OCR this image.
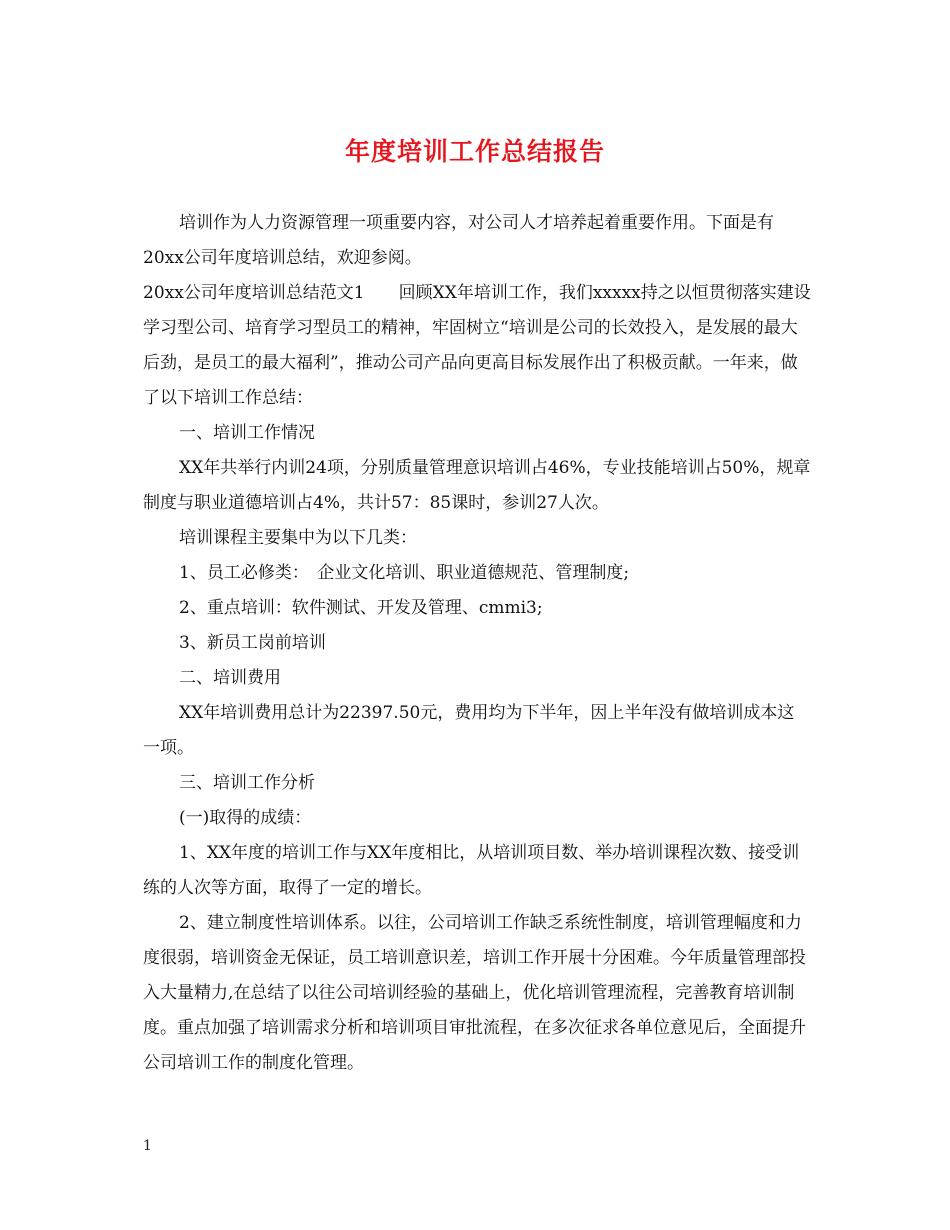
年度培训工作总结报告

培训作为人力资源管理一项重要内容，对公司人才培养起着重要作用。下面是有20xx公司年度培训总结，欢迎参阅。

20xx公司年度培训总结范文1　　回顾XX年培训工作，我们xxxxx持之以恒贯彻落实建设学习型公司、培育学习型员工的精神，牢固树立“培训是公司的长效投入，是发展的最大后劲，是员工的最大福利”，推动公司产品向更高目标发展作出了积极贡献。一年来，做了以下培训工作总结：

一、培训工作情况

XX年共举行内训24项，分别质量管理意识培训占46%，专业技能培训占50%，规章制度与职业道德培训占4%，共计57：85课时，参训27人次。

培训课程主要集中为以下几类：

1、员工必修类：　企业文化培训、职业道德规范、管理制度;

2、重点培训：软件测试、开发及管理、cmmi3;

3、新员工岗前培训

二、培训费用

XX年培训费用总计为22397.50元，费用均为下半年，因上半年没有做培训成本这一项。

三、培训工作分析

(一)取得的成绩：

1、XX年度的培训工作与XX年度相比，从培训项目数、举办培训课程次数、接受训练的人次等方面，取得了一定的增长。

2、建立制度性培训体系。以往，公司培训工作缺乏系统性制度，培训管理幅度和力度很弱，培训资金无保证，员工培训意识差，培训工作开展十分困难。今年质量管理部投入大量精力,在总结了以往公司培训经验的基础上，优化培训管理流程，完善教育培训制度。重点加强了培训需求分析和培训项目审批流程，在多次征求各单位意见后，全面提升公司培训工作的制度化管理。

1
